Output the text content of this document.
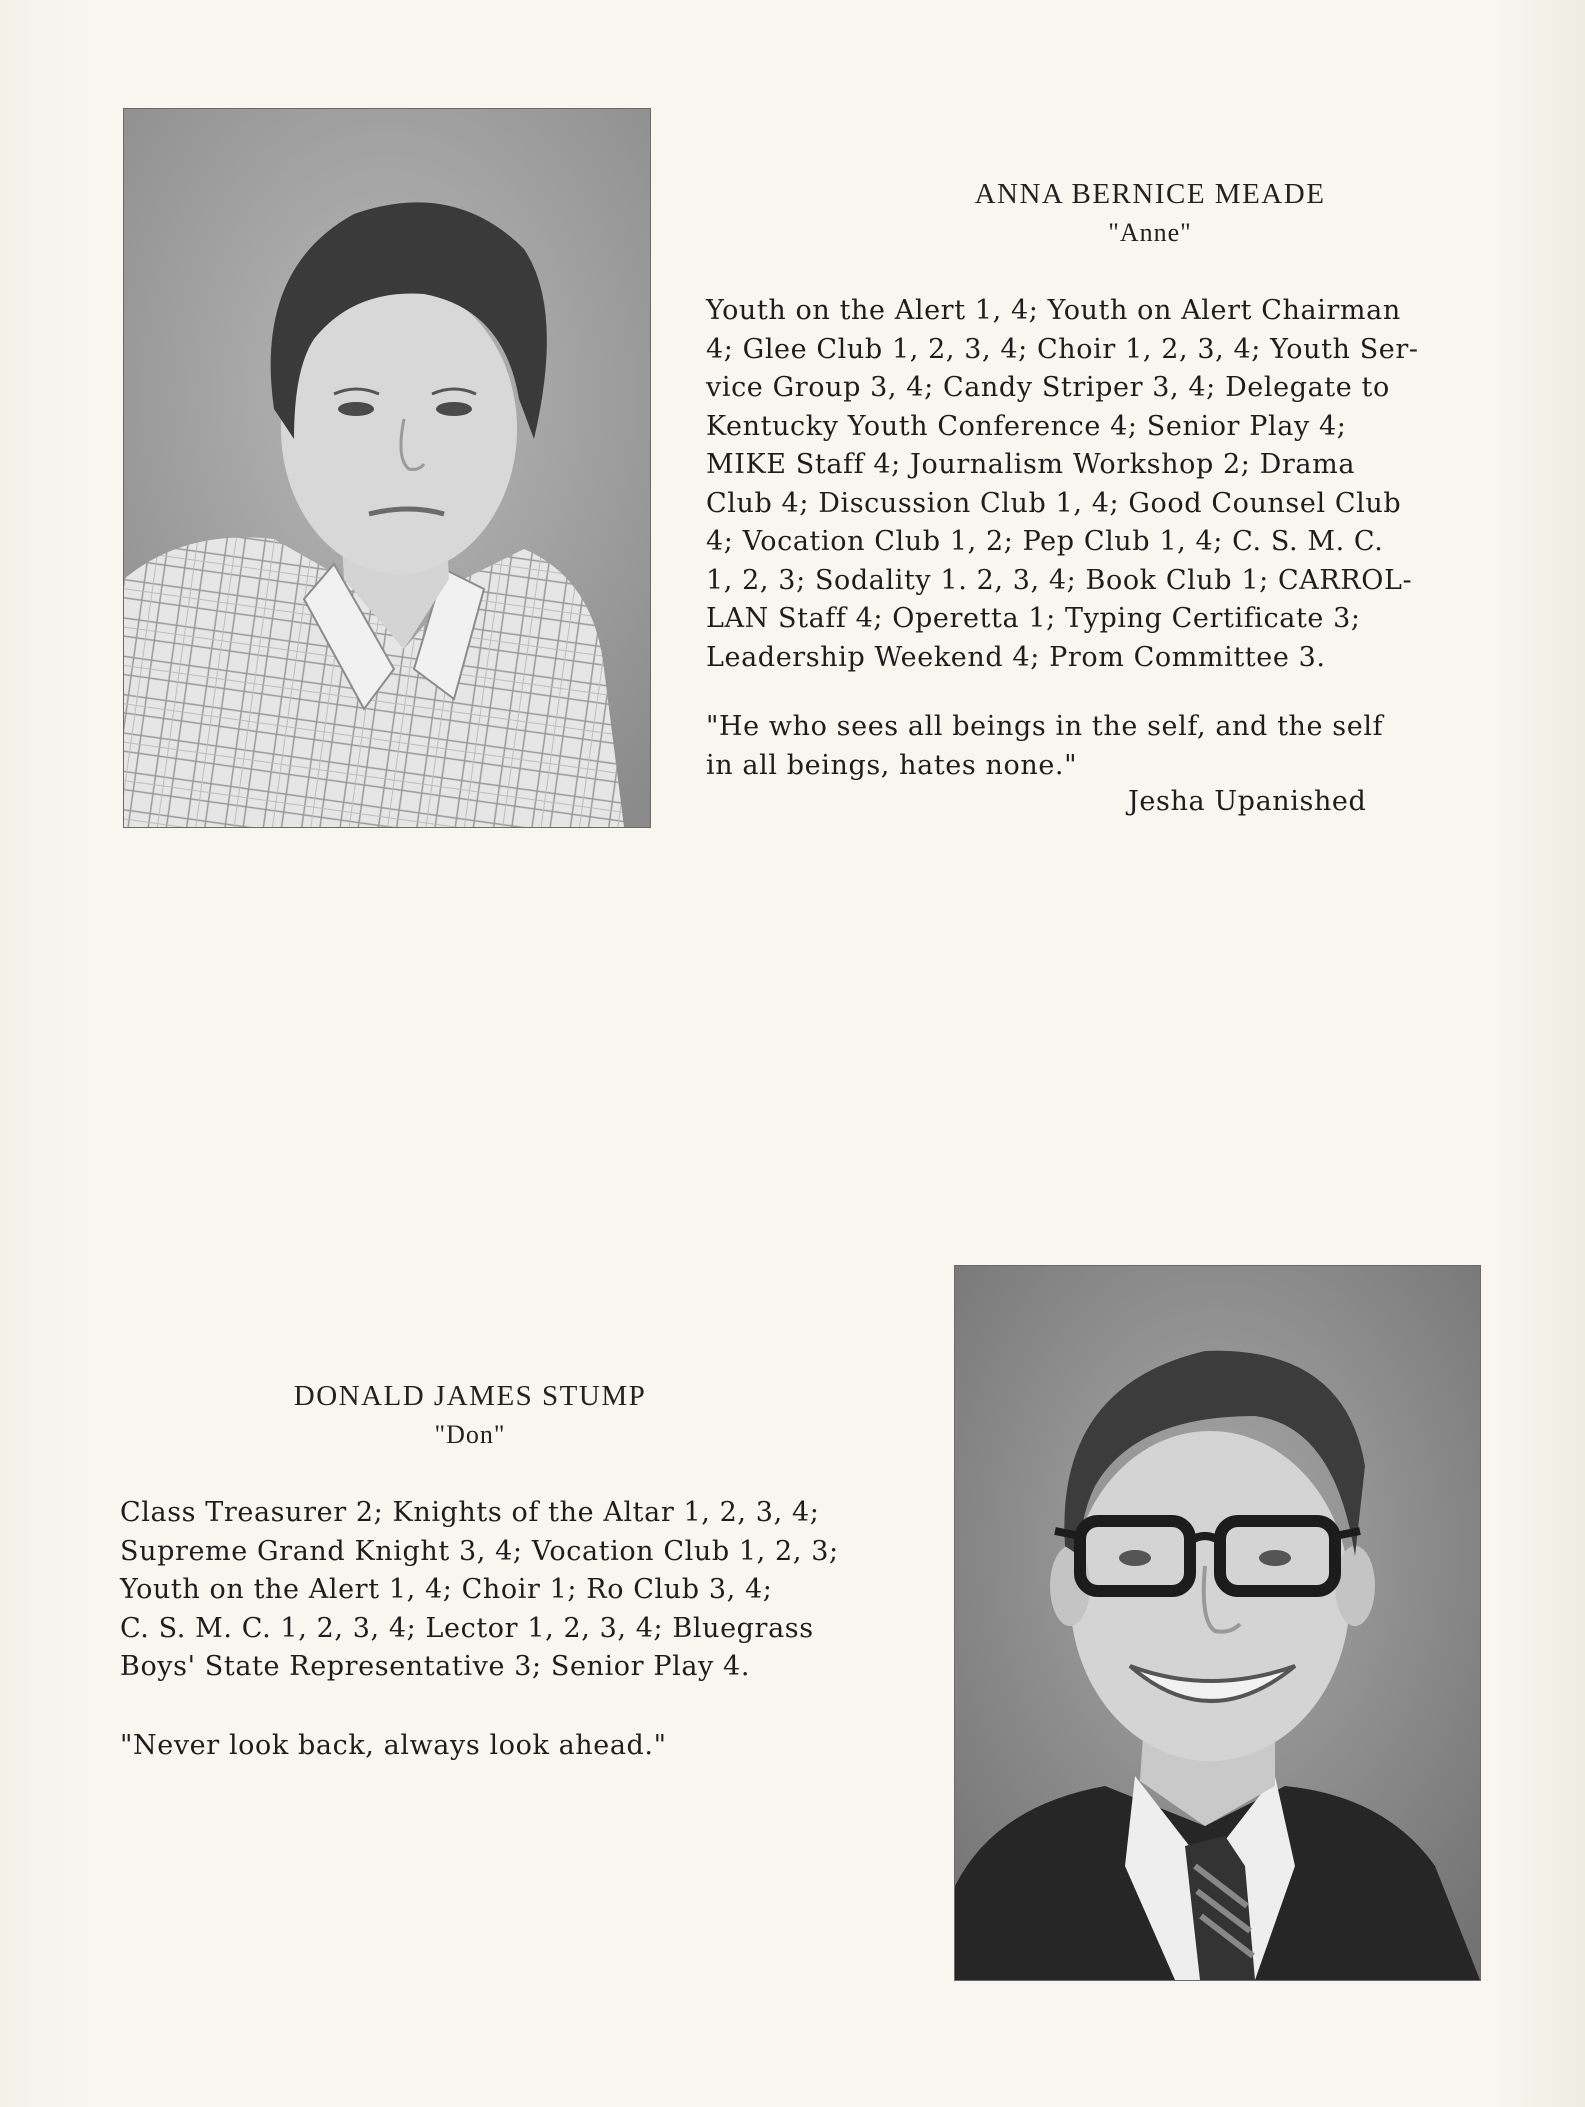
ANNA BERNICE MEADE
"Anne"
Youth on the Alert 1, 4; Youth on Alert Chairman
4; Glee Club 1, 2, 3, 4; Choir 1, 2, 3, 4; Youth Ser-
vice Group 3, 4; Candy Striper 3, 4; Delegate to
Kentucky Youth Conference 4; Senior Play 4;
MIKE Staff 4; Journalism Workshop 2; Drama
Club 4; Discussion Club 1, 4; Good Counsel Club
4; Vocation Club 1, 2; Pep Club 1, 4; C. S. M. C.
1, 2, 3; Sodality 1. 2, 3, 4; Book Club 1; CARROL-
LAN Staff 4; Operetta 1; Typing Certificate 3;
Leadership Weekend 4; Prom Committee 3.
"He who sees all beings in the self, and the self
in all beings, hates none."
Jesha Upanished
DONALD JAMES STUMP
"Don"
Class Treasurer 2; Knights of the Altar 1, 2, 3, 4;
Supreme Grand Knight 3, 4; Vocation Club 1, 2, 3;
Youth on the Alert 1, 4; Choir 1; Ro Club 3, 4;
C. S. M. C. 1, 2, 3, 4; Lector 1, 2, 3, 4; Bluegrass
Boys' State Representative 3; Senior Play 4.
"Never look back, always look ahead."
